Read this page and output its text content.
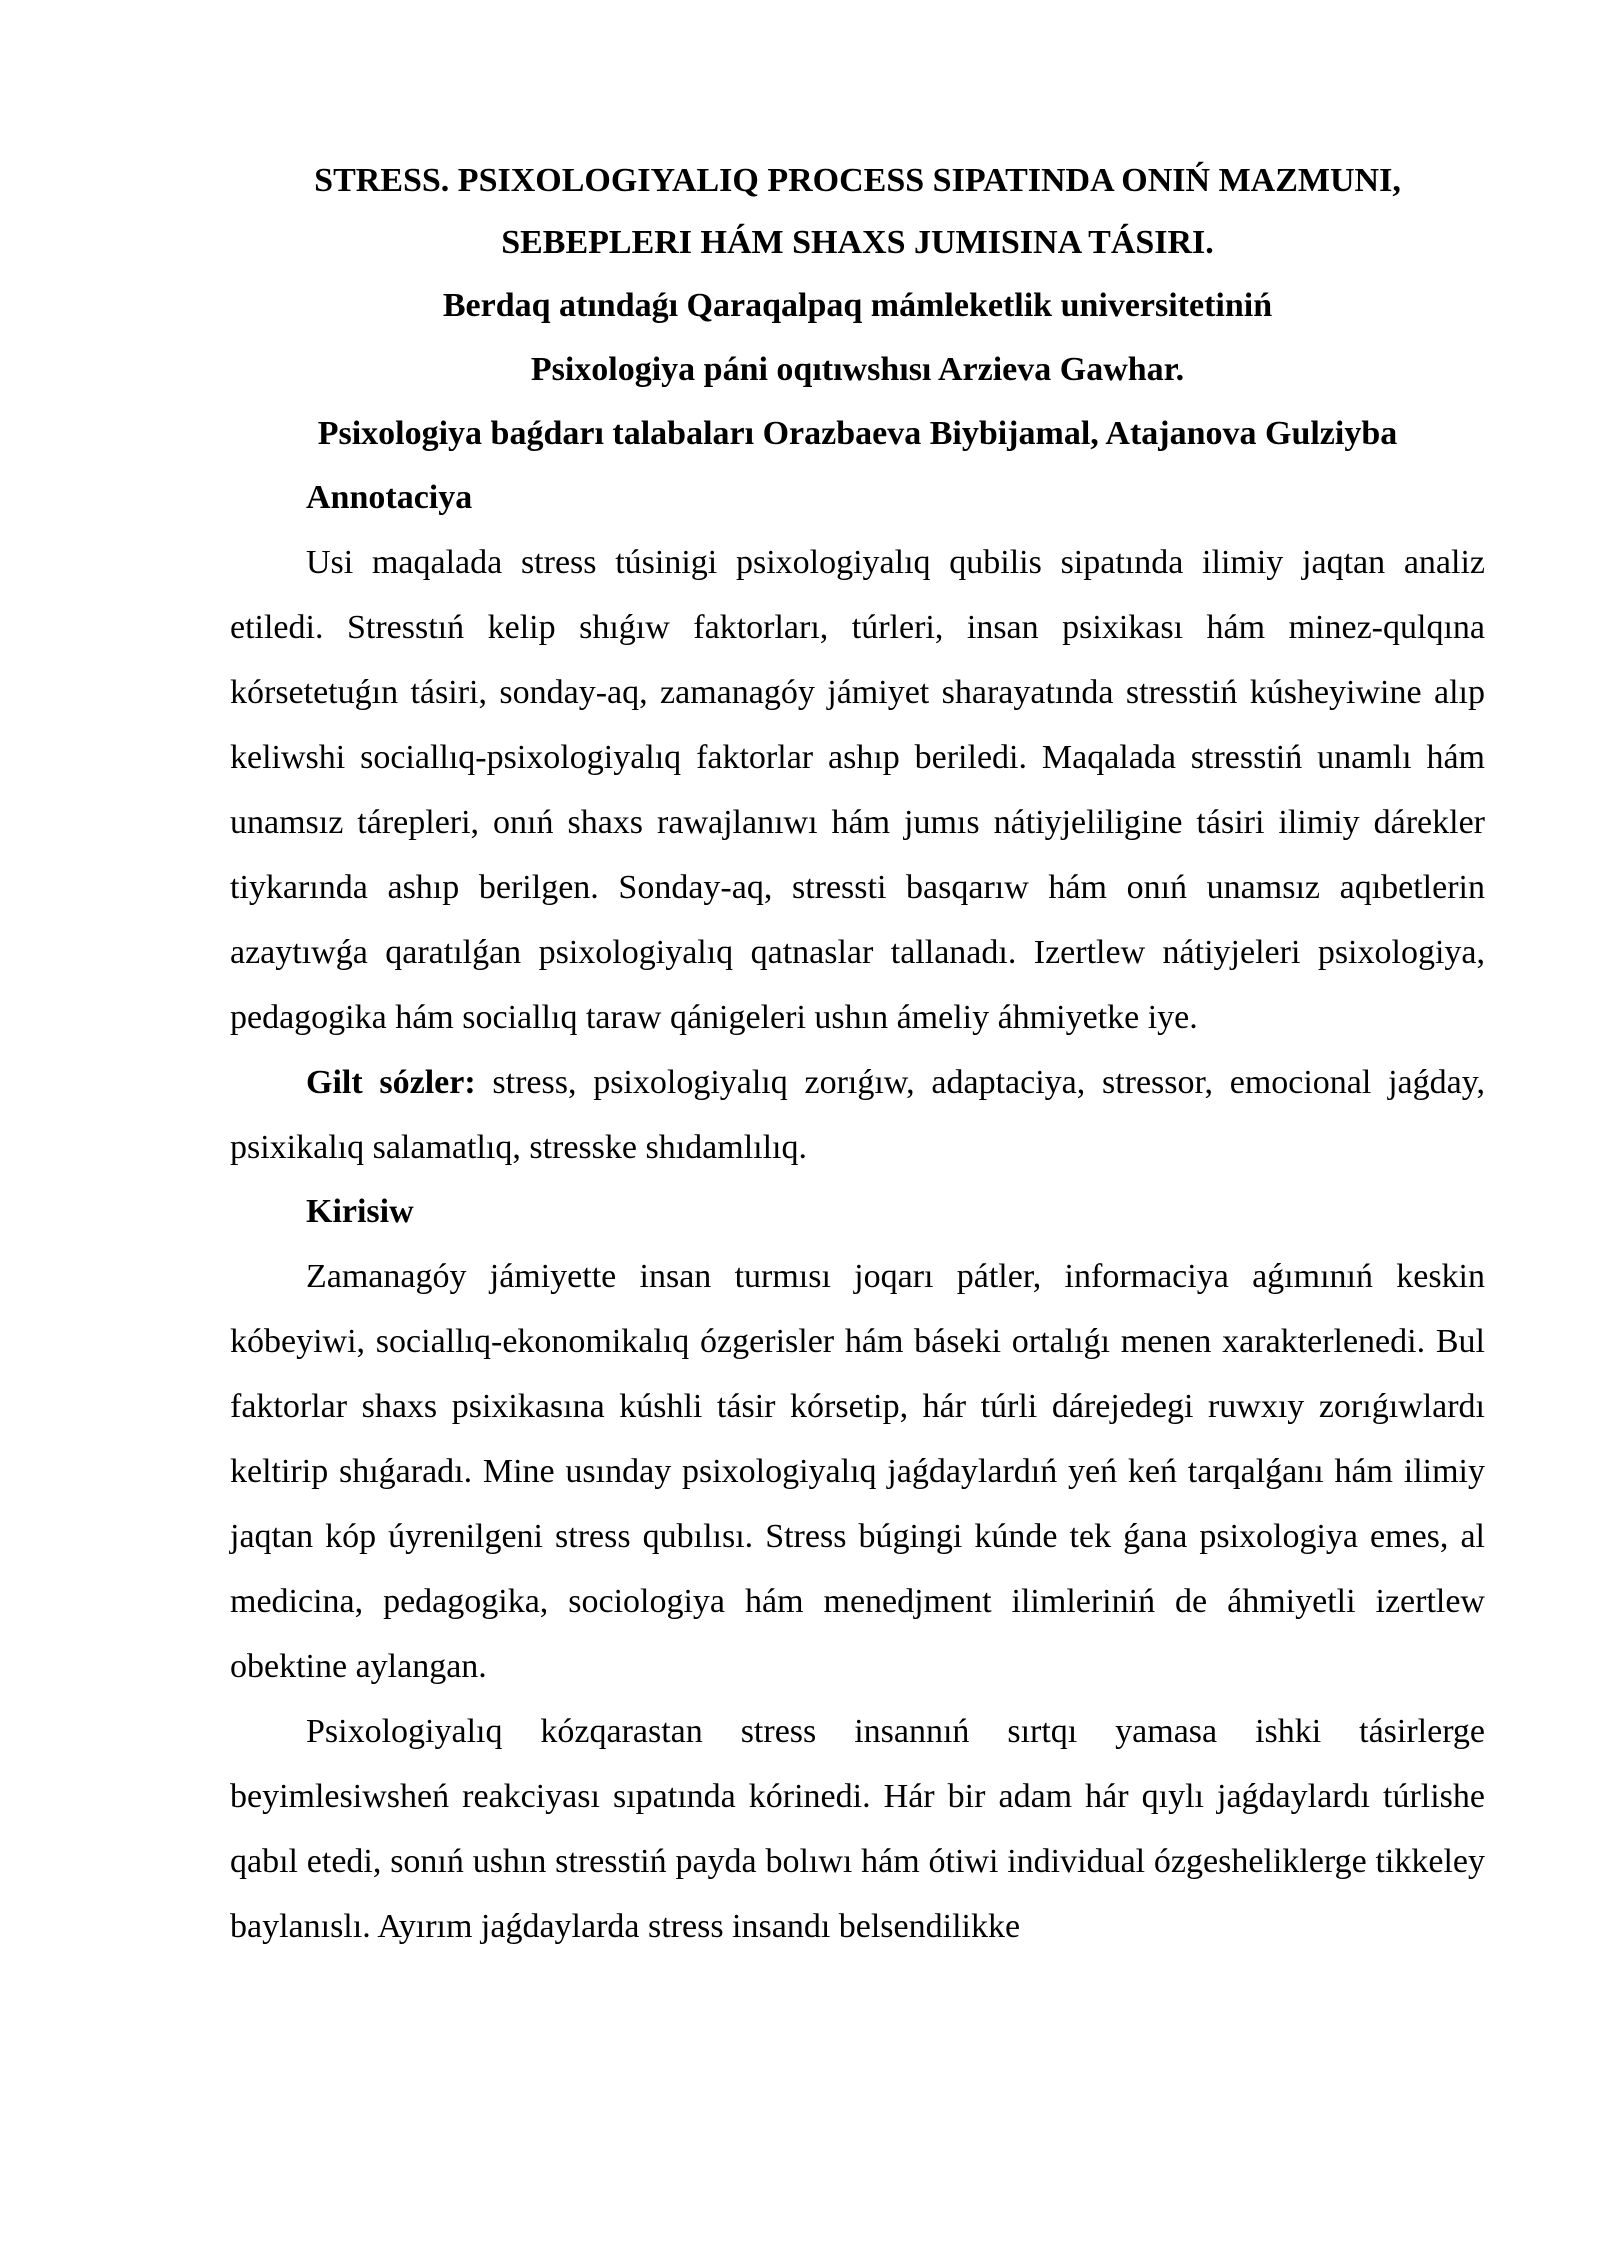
STRESS. PSIXOLOGIYALIQ PROCESS SIPATINDA ONIŃ MAZMUNI,
SEBEPLERI HÁM SHAXS JUMISINA TÁSIRI.
Berdaq atındaǵı Qaraqalpaq mámleketlik universitetiniń
Psixologiya páni oqıtıwshısı Arzieva Gawhar.
Psixologiya baǵdarı talabaları Orazbaeva Biybijamal, Atajanova Gulziyba

Annotaciya

Usi maqalada stress túsinigi psixologiyalıq qubilis sipatında ilimiy jaqtan analiz etiledi. Stresstıń kelip shıǵıw faktorları, túrleri, insan psixikası hám minez-qulqına kórsetetuǵın tásiri, sonday-aq, zamanagóy jámiyet sharayatında stresstiń kúsheyiwine alıp keliwshi sociallıq-psixologiyalıq faktorlar ashıp beriledi. Maqalada stresstiń unamlı hám unamsız tárepleri, onıń shaxs rawajlanıwı hám jumıs nátiyjeliligine tásiri ilimiy dárekler tiykarında ashıp berilgen. Sonday-aq, stressti basqarıw hám onıń unamsız aqıbetlerin azaytıwǵa qaratılǵan psixologiyalıq qatnaslar tallanadı. Izertlew nátiyjeleri psixologiya, pedagogika hám sociallıq taraw qánigeleri ushın ámeliy áhmiyetke iye.

Gilt sózler: stress, psixologiyalıq zorıǵıw, adaptaciya, stressor, emocional jaǵday, psixikalıq salamatlıq, stresske shıdamlılıq.

Kirisiw

Zamanagóy jámiyette insan turmısı joqarı pátler, informaciya aǵımınıń keskin kóbeyiwi, sociallıq-ekonomikalıq ózgerisler hám báseki ortalıǵı menen xarakterlenedi. Bul faktorlar shaxs psixikasına kúshli tásir kórsetip, hár túrli dárejedegi ruwxıy zorıǵıwlardı keltirip shıǵaradı. Mine usınday psixologiyalıq jaǵdaylardıń yeń keń tarqalǵanı hám ilimiy jaqtan kóp úyrenilgeni stress qubılısı. Stress búgingi kúnde tek ǵana psixologiya emes, al medicina, pedagogika, sociologiya hám menedjment ilimleriniń de áhmiyetli izertlew obektine aylangan.

Psixologiyalıq kózqarastan stress insannıń sırtqı yamasa ishki tásirlerge beyimlesiwsheń reakciyası sıpatında kórinedi. Hár bir adam hár qıylı jaǵdaylardı túrlishe qabıl etedi, sonıń ushın stresstiń payda bolıwı hám ótiwi individual ózgesheliklerge tikkeley baylanıslı. Ayırım jaǵdaylarda stress insandı belsendilikke
